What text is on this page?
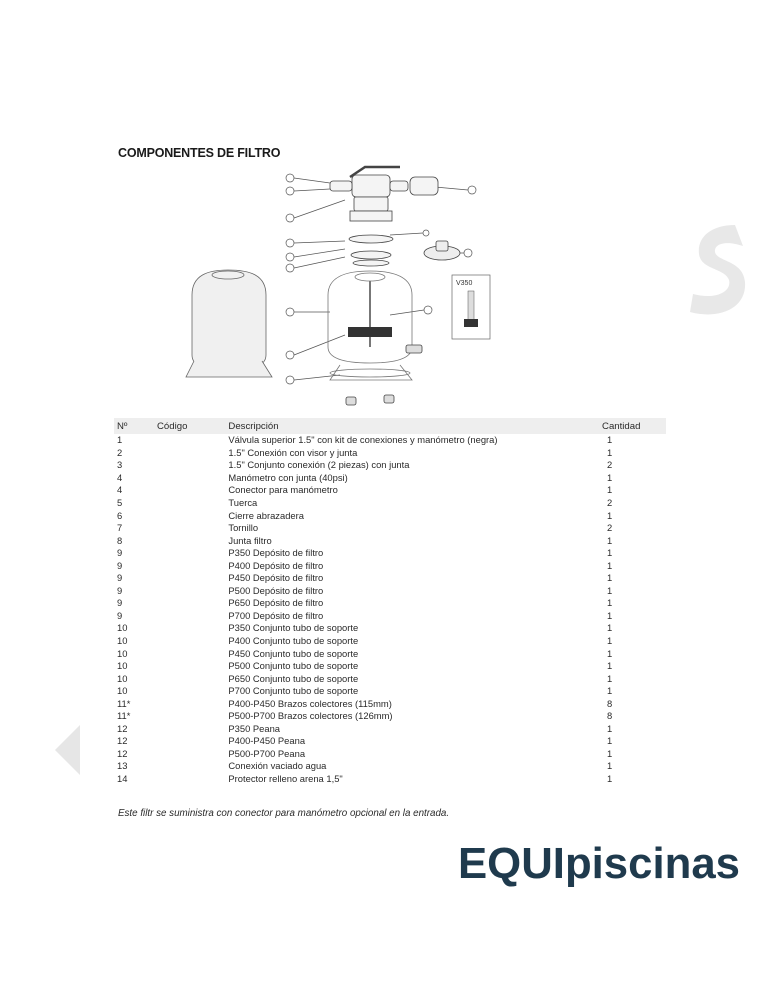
COMPONENTES DE FILTRO
V350
Nº	Código	Descripción	Cantidad
1		Válvula superior 1.5" con kit de conexiones y manómetro (negra)	1
2		1.5" Conexión con visor y junta	1
3		1.5" Conjunto conexión (2 piezas) con junta	2
4		Manómetro con junta (40psi)	1
4		Conector para manómetro	1
5		Tuerca	2
6		Cierre abrazadera	1
7		Tornillo	2
8		Junta filtro	1
9		P350 Depósito de filtro	1
9		P400 Depósito de filtro	1
9		P450 Depósito de filtro	1
9		P500 Depósito de filtro	1
9		P650 Depósito de filtro	1
9		P700 Depósito de filtro	1
10		P350 Conjunto tubo de soporte	1
10		P400 Conjunto tubo de soporte	1
10		P450 Conjunto tubo de soporte	1
10		P500 Conjunto tubo de soporte	1
10		P650 Conjunto tubo de soporte	1
10		P700 Conjunto tubo de soporte	1
11*		P400-P450 Brazos colectores (115mm)	8
11*		P500-P700 Brazos colectores (126mm)	8
12		P350 Peana	1
12		P400-P450 Peana	1
12		P500-P700 Peana	1
13		Conexión vaciado agua	1
14		Protector relleno arena 1,5"	1
Este filtr se suministra con conector para manómetro opcional en la entrada.
EQUIpiscinas
